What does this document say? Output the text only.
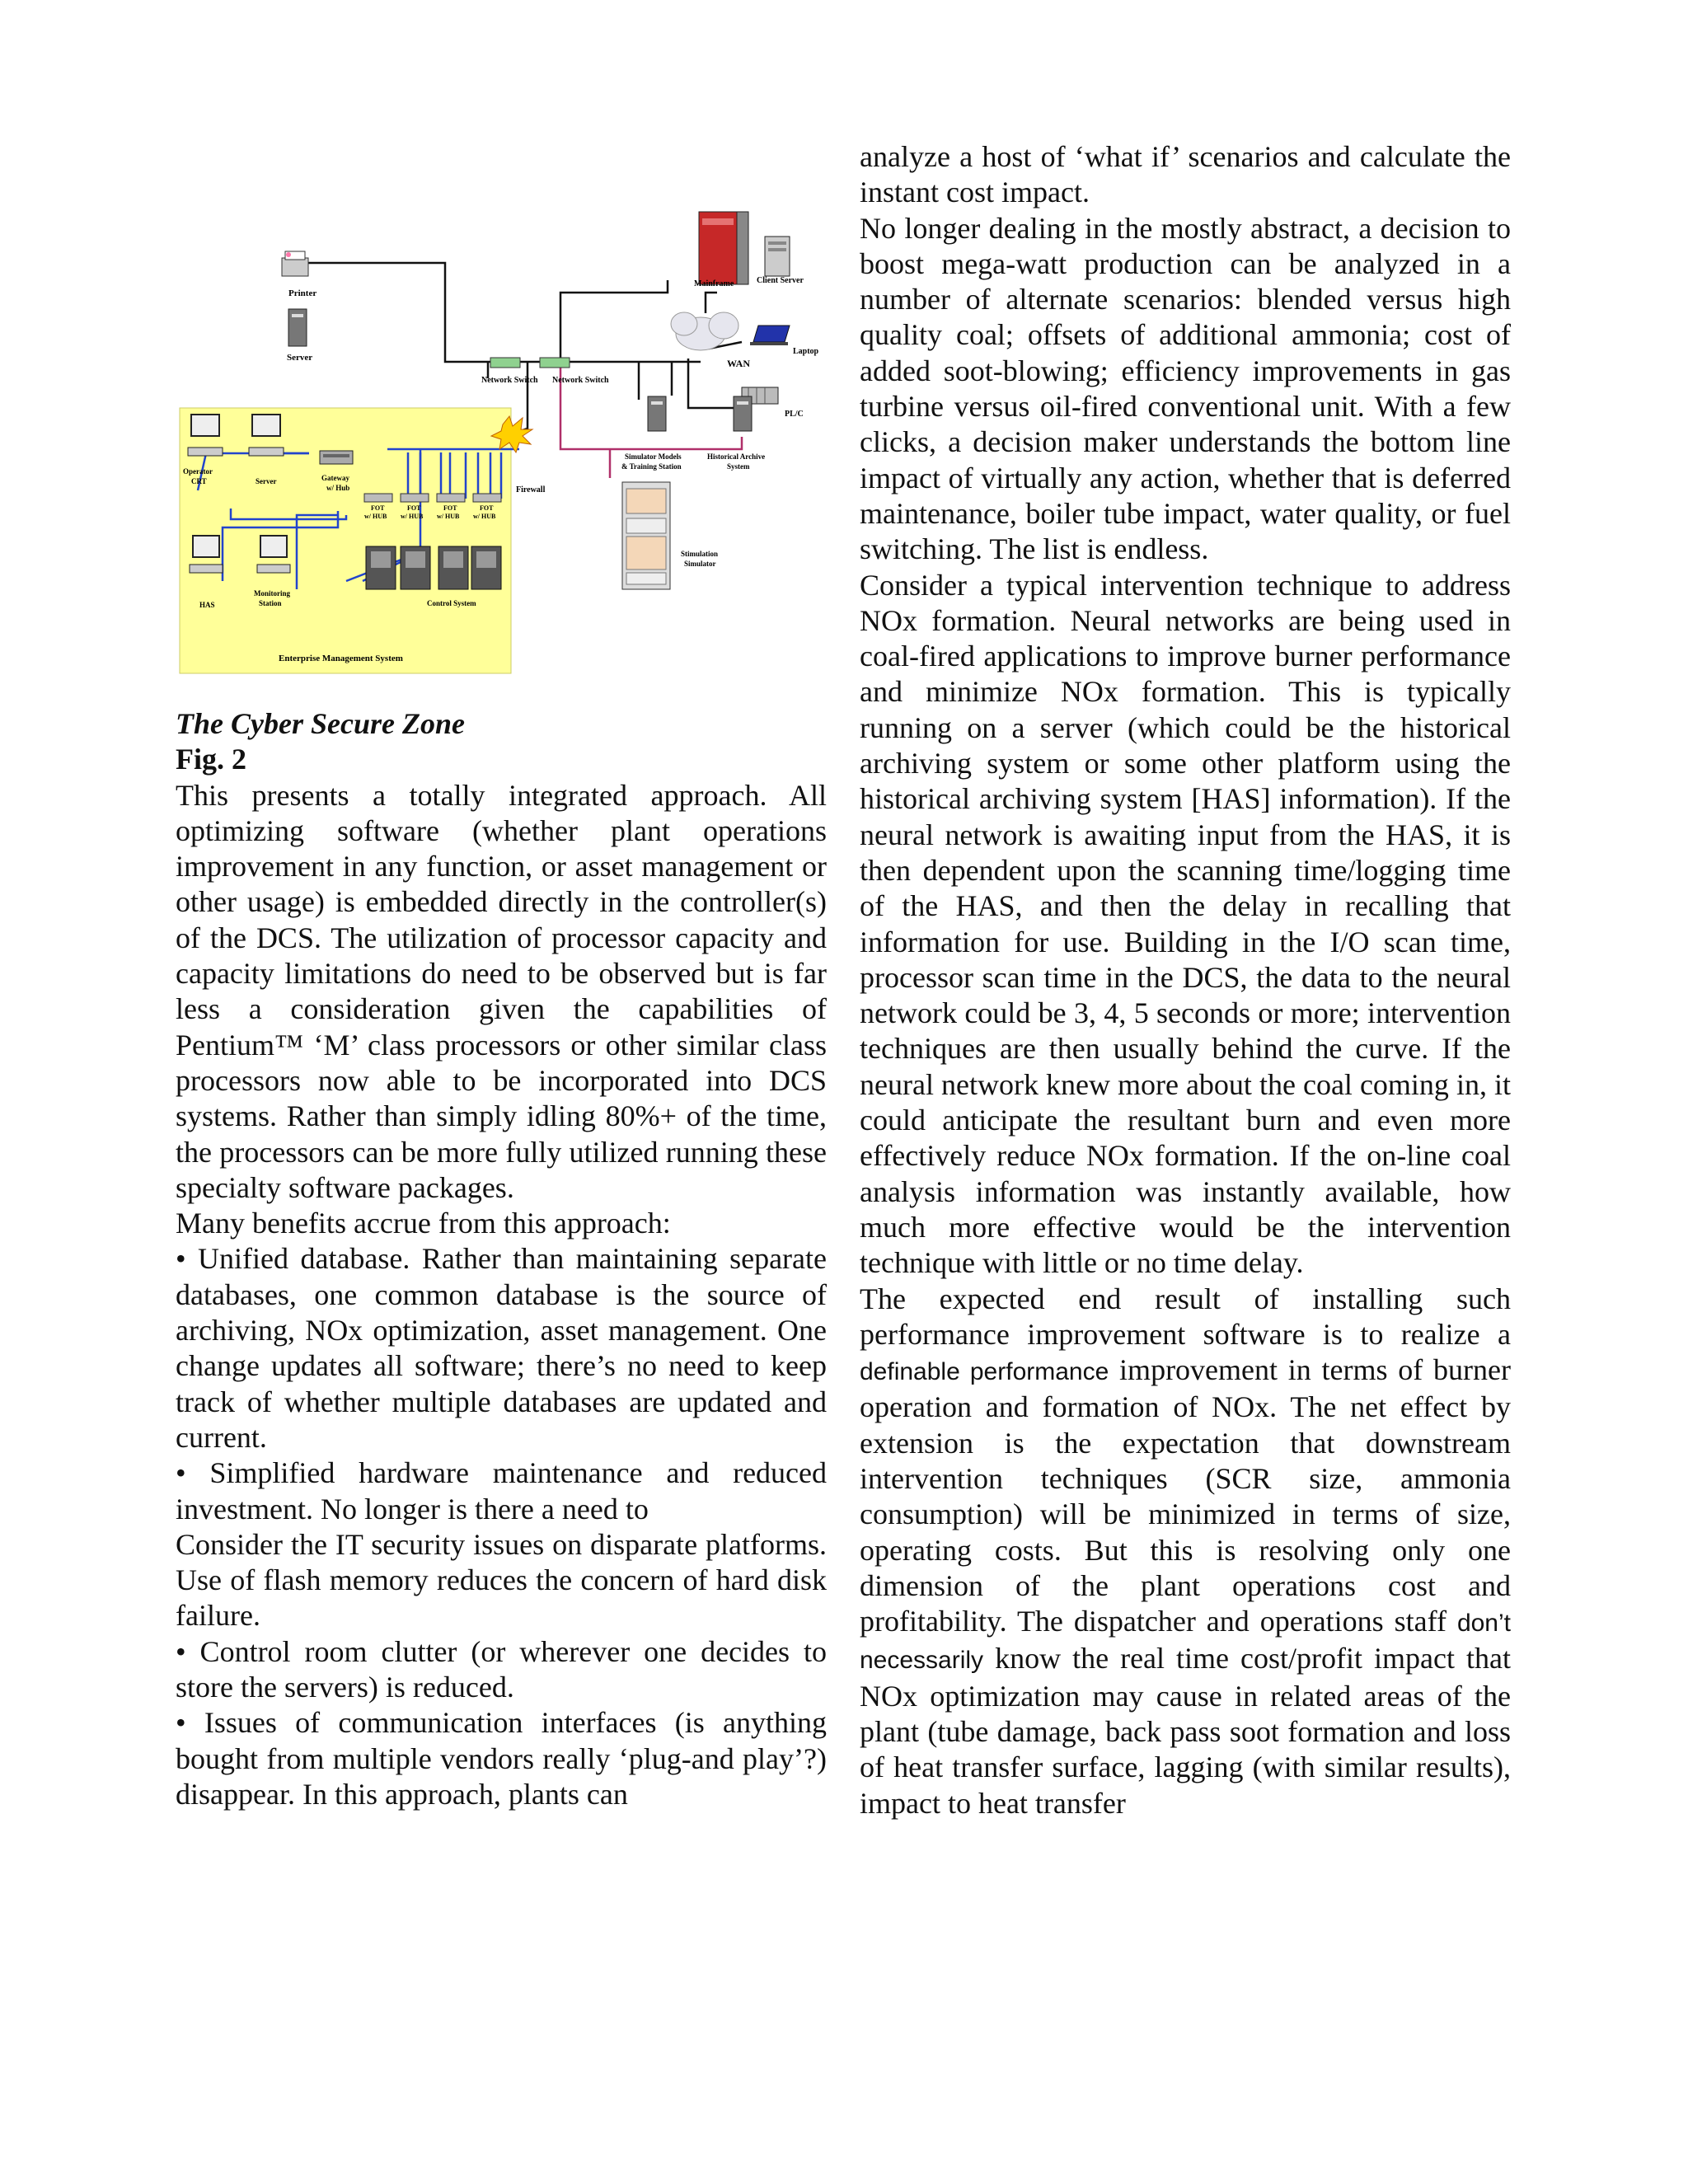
Printer
Server
Network Switch Network Switch
Mainframe	Client Server
WAN
Laptop
PL/C
Simulator Models & Training Station
Historical Archive System
Stimulation Simulator
Firewall
Operator CRT	Server	Gateway w/ Hub
FOT w/ HUB
FOT w/ HUB
FOT w/ HUB
FOT w/ HUB
HAS
Monitoring Station	Control System
Enterprise Management System

The Cyber Secure Zone

Fig. 2

This presents a totally integrated approach. All optimizing software (whether plant operations improvement in any function, or asset management or other usage) is embedded directly in the controller(s) of the DCS. The utilization of processor capacity and capacity limitations do need to be observed but is far less a consideration given the capabilities of Pentium™ ‘M’ class processors or other similar class processors now able to be incorporated into DCS systems. Rather than simply idling 80%+ of the time, the processors can be more fully utilized running these specialty software packages.

Many benefits accrue from this approach:

• Unified database. Rather than maintaining separate databases, one common database is the source of archiving, NOx optimization, asset management. One change updates all software; there’s no need to keep track of whether multiple databases are updated and current.

• Simplified hardware maintenance and reduced investment. No longer is there a need to

Consider the IT security issues on disparate platforms. Use of flash memory reduces the concern of hard disk failure.

• Control room clutter (or wherever one decides to store the servers) is reduced.

• Issues of communication interfaces (is anything bought from multiple vendors really ‘plug-and play’?) disappear. In this approach, plants can

analyze a host of ‘what if’ scenarios and calculate the instant cost impact.

No longer dealing in the mostly abstract, a decision to boost mega-watt production can be analyzed in a number of alternate scenarios: blended versus high quality coal; offsets of additional ammonia; cost of added soot-blowing; efficiency improvements in gas turbine versus oil-fired conventional unit. With a few clicks, a decision maker understands the bottom line impact of virtually any action, whether that is deferred maintenance, boiler tube impact, water quality, or fuel switching. The list is endless.

Consider a typical intervention technique to address NOx formation. Neural networks are being used in coal-fired applications to improve burner performance and minimize NOx formation. This is typically running on a server (which could be the historical archiving system or some other platform using the historical archiving system [HAS] information). If the neural network is awaiting input from the HAS, it is then dependent upon the scanning time/logging time of the HAS, and then the delay in recalling that information for use. Building in the I/O scan time, processor scan time in the DCS, the data to the neural network could be 3, 4, 5 seconds or more; intervention techniques are then usually behind the curve. If the neural network knew more about the coal coming in, it could anticipate the resultant burn and even more effectively reduce NOx formation. If the on-line coal analysis information was instantly available, how much more effective would be the intervention technique with little or no time delay.

The expected end result of installing such performance improvement software is to realize a definable performance improvement in terms of burner operation and formation of NOx. The net effect by extension is the expectation that downstream intervention techniques (SCR size, ammonia consumption) will be minimized in terms of size, operating costs. But this is resolving only one dimension of the plant operations cost and profitability. The dispatcher and operations staff don’t necessarily know the real time cost/profit impact that NOx optimization may cause in related areas of the plant (tube damage, back pass soot formation and loss of heat transfer surface, lagging (with similar results), impact to heat transfer
